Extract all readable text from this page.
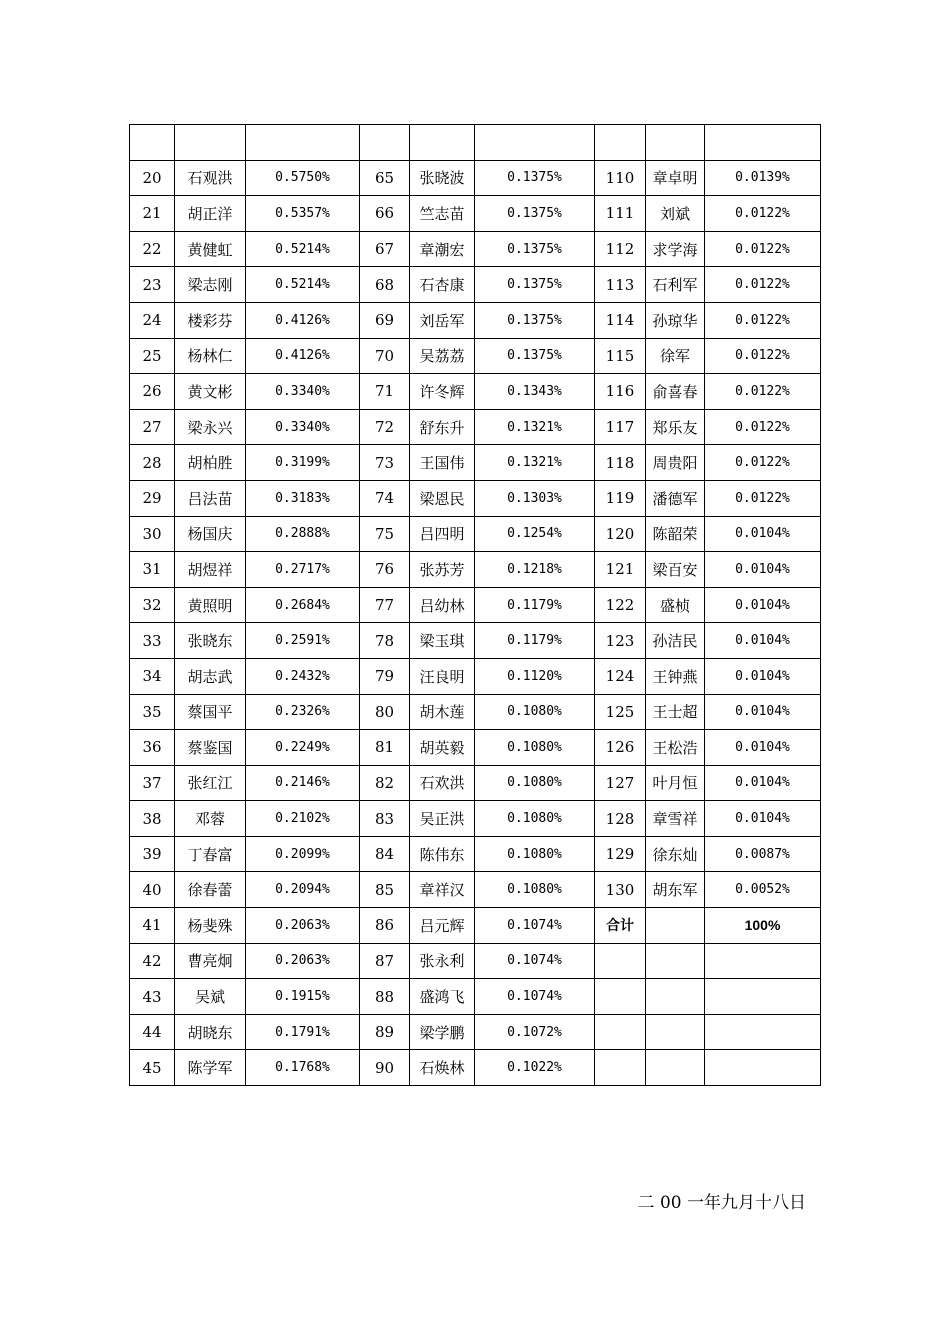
20	石观洪	0.5750%	65	张晓波	0.1375%	110	章卓明	0.0139%
21	胡正洋	0.5357%	66	竺志苗	0.1375%	111	刘斌	0.0122%
22	黄健虹	0.5214%	67	章潮宏	0.1375%	112	求学海	0.0122%
23	梁志刚	0.5214%	68	石杏康	0.1375%	113	石利军	0.0122%
24	楼彩芬	0.4126%	69	刘岳军	0.1375%	114	孙琼华	0.0122%
25	杨林仁	0.4126%	70	吴荔荔	0.1375%	115	徐军	0.0122%
26	黄文彬	0.3340%	71	许冬辉	0.1343%	116	俞喜春	0.0122%
27	梁永兴	0.3340%	72	舒东升	0.1321%	117	郑乐友	0.0122%
28	胡柏胜	0.3199%	73	王国伟	0.1321%	118	周贵阳	0.0122%
29	吕法苗	0.3183%	74	梁恩民	0.1303%	119	潘德军	0.0122%
30	杨国庆	0.2888%	75	吕四明	0.1254%	120	陈韶荣	0.0104%
31	胡煜祥	0.2717%	76	张苏芳	0.1218%	121	梁百安	0.0104%
32	黄照明	0.2684%	77	吕幼林	0.1179%	122	盛桢	0.0104%
33	张晓东	0.2591%	78	梁玉琪	0.1179%	123	孙洁民	0.0104%
34	胡志武	0.2432%	79	汪良明	0.1120%	124	王钟燕	0.0104%
35	蔡国平	0.2326%	80	胡木莲	0.1080%	125	王士超	0.0104%
36	蔡鉴国	0.2249%	81	胡英毅	0.1080%	126	王松浩	0.0104%
37	张红江	0.2146%	82	石欢洪	0.1080%	127	叶月恒	0.0104%
38	邓蓉	0.2102%	83	吴正洪	0.1080%	128	章雪祥	0.0104%
39	丁春富	0.2099%	84	陈伟东	0.1080%	129	徐东灿	0.0087%
40	徐春蕾	0.2094%	85	章祥汉	0.1080%	130	胡东军	0.0052%
41	杨斐殊	0.2063%	86	吕元辉	0.1074%	合计		100%
42	曹亮炯	0.2063%	87	张永利	0.1074%			
43	吴斌	0.1915%	88	盛鸿飞	0.1074%			
44	胡晓东	0.1791%	89	梁学鹏	0.1072%			
45	陈学军	0.1768%	90	石焕林	0.1022%			
二 00 一年九月十八日
